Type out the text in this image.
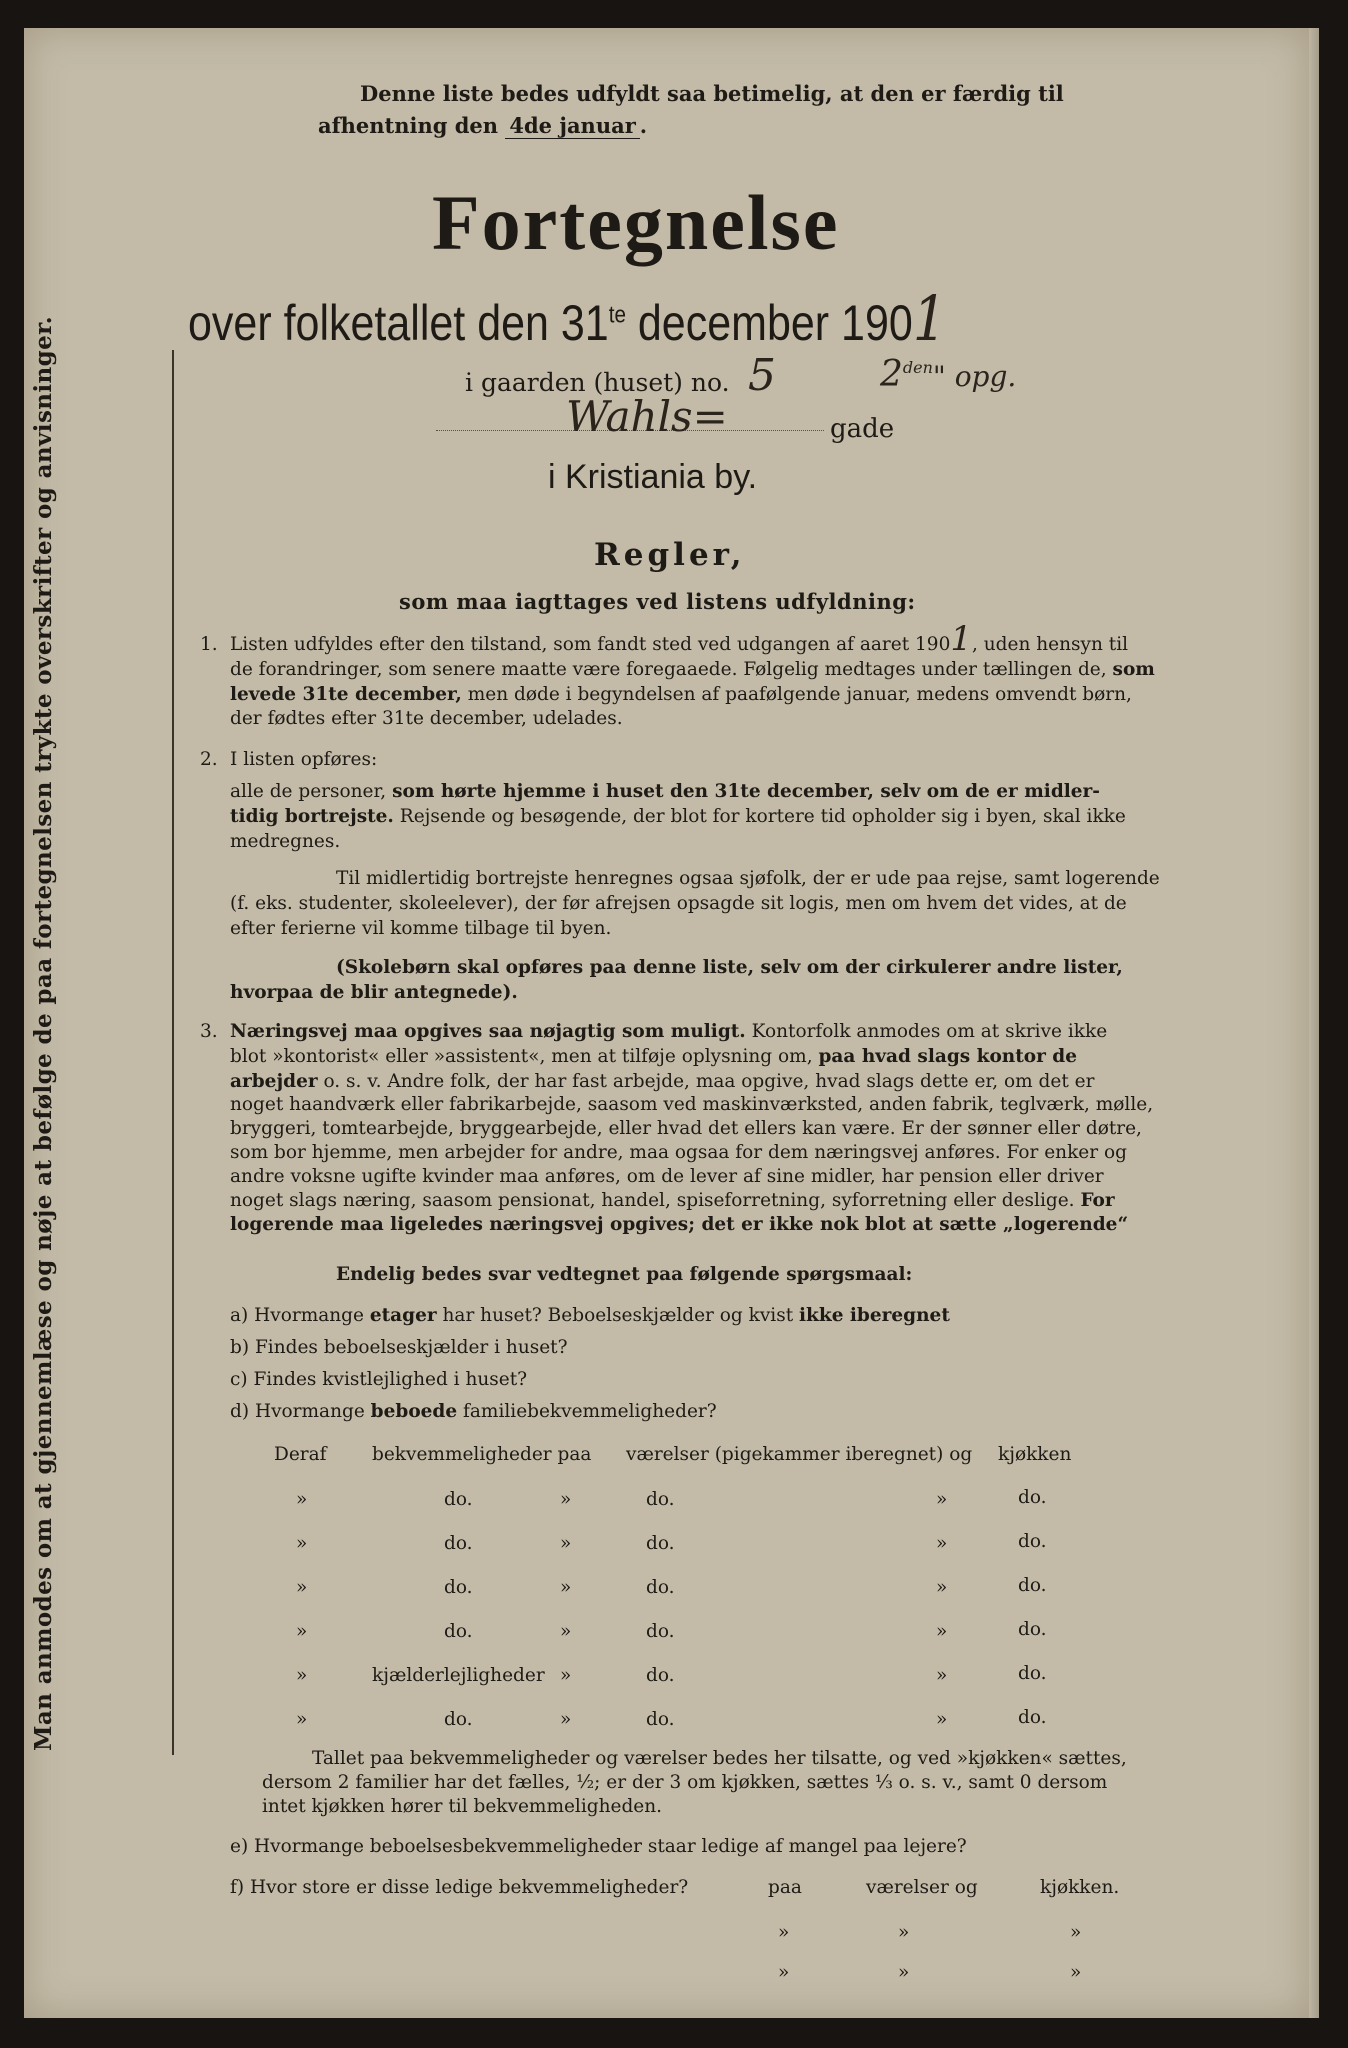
Man anmodes om at gjennemlæse og nøje at befølge de paa fortegnelsen trykte overskrifter og anvisninger.
Denne liste bedes udfyldt saa betimelig, at den er færdig til
afhentning den 4de januar .
Fortegnelse
over folketallet den $31^{te}$ december 1901
i gaarden (huset) no. 5	$2^{den}$" opg.
Wahls=	gade
i Kristiania by.
Regler,
som maa iagttages ved listens udfyldning:
1. Listen udfyldes efter den tilstand, som fandt sted ved udgangen af aaret 1901, uden hensyn til
de forandringer, som senere maatte være foregaaede. Følgelig medtages under tællingen de, som
levede 31te december, men døde i begyndelsen af paafølgende januar, medens omvendt børn,
der fødtes efter 31te december, udelades.
2. I listen opføres:
alle de personer, som hørte hjemme i huset den 31te december, selv om de er midler-
tidig bortrejste. Rejsende og besøgende, der blot for kortere tid opholder sig i byen, skal ikke
medregnes.
Til midlertidig bortrejste henregnes ogsaa sjøfolk, der er ude paa rejse, samt logerende
(f. eks. studenter, skoleelever), der før afrejsen opsagde sit logis, men om hvem det vides, at de
efter ferierne vil komme tilbage til byen.
(Skolebørn skal opføres paa denne liste, selv om der cirkulerer andre lister,
hvorpaa de blir antegnede).
3. Næringsvej maa opgives saa nøjagtig som muligt. Kontorfolk anmodes om at skrive ikke
blot »kontorist« eller »assistent«, men at tilføje oplysning om, paa hvad slags kontor de
arbejder o. s. v. Andre folk, der har fast arbejde, maa opgive, hvad slags dette er, om det er
noget haandværk eller fabrikarbejde, saasom ved maskinværksted, anden fabrik, teglværk, mølle,
bryggeri, tomtearbejde, bryggearbejde, eller hvad det ellers kan være. Er der sønner eller døtre,
som bor hjemme, men arbejder for andre, maa ogsaa for dem næringsvej anføres. For enker og
andre voksne ugifte kvinder maa anføres, om de lever af sine midler, har pension eller driver
noget slags næring, saasom pensionat, handel, spiseforretning, syforretning eller deslige. For
logerende maa ligeledes næringsvej opgives; det er ikke nok blot at sætte „logerende“
Endelig bedes svar vedtegnet paa følgende spørgsmaal:
a) Hvormange etager har huset? Beboelseskjælder og kvist ikke iberegnet
b) Findes beboelseskjælder i huset?
c) Findes kvistlejlighed i huset?
d) Hvormange beboede familiebekvemmeligheder?
Deraf bekvemmeligheder paa værelser (pigekammer iberegnet) og kjøkken
»	do.	»	do.	»	do.
»	do.	»	do.	»	do.
»	do.	»	do.	»	do.
»	do.	»	do.	»	do.
»	kjælderlejligheder »	do.	»	do.
»	do.	»	do.	»	do.
Tallet paa bekvemmeligheder og værelser bedes her tilsatte, og ved »kjøkken« sættes,
dersom 2 familier har det fælles, ½; er der 3 om kjøkken, sættes ⅓ o. s. v., samt 0 dersom
intet kjøkken hører til bekvemmeligheden.
e) Hvormange beboelsesbekvemmeligheder staar ledige af mangel paa lejere?
f) Hvor store er disse ledige bekvemmeligheder?	paa	værelser og	kjøkken.
»	»	»
»	»	»
